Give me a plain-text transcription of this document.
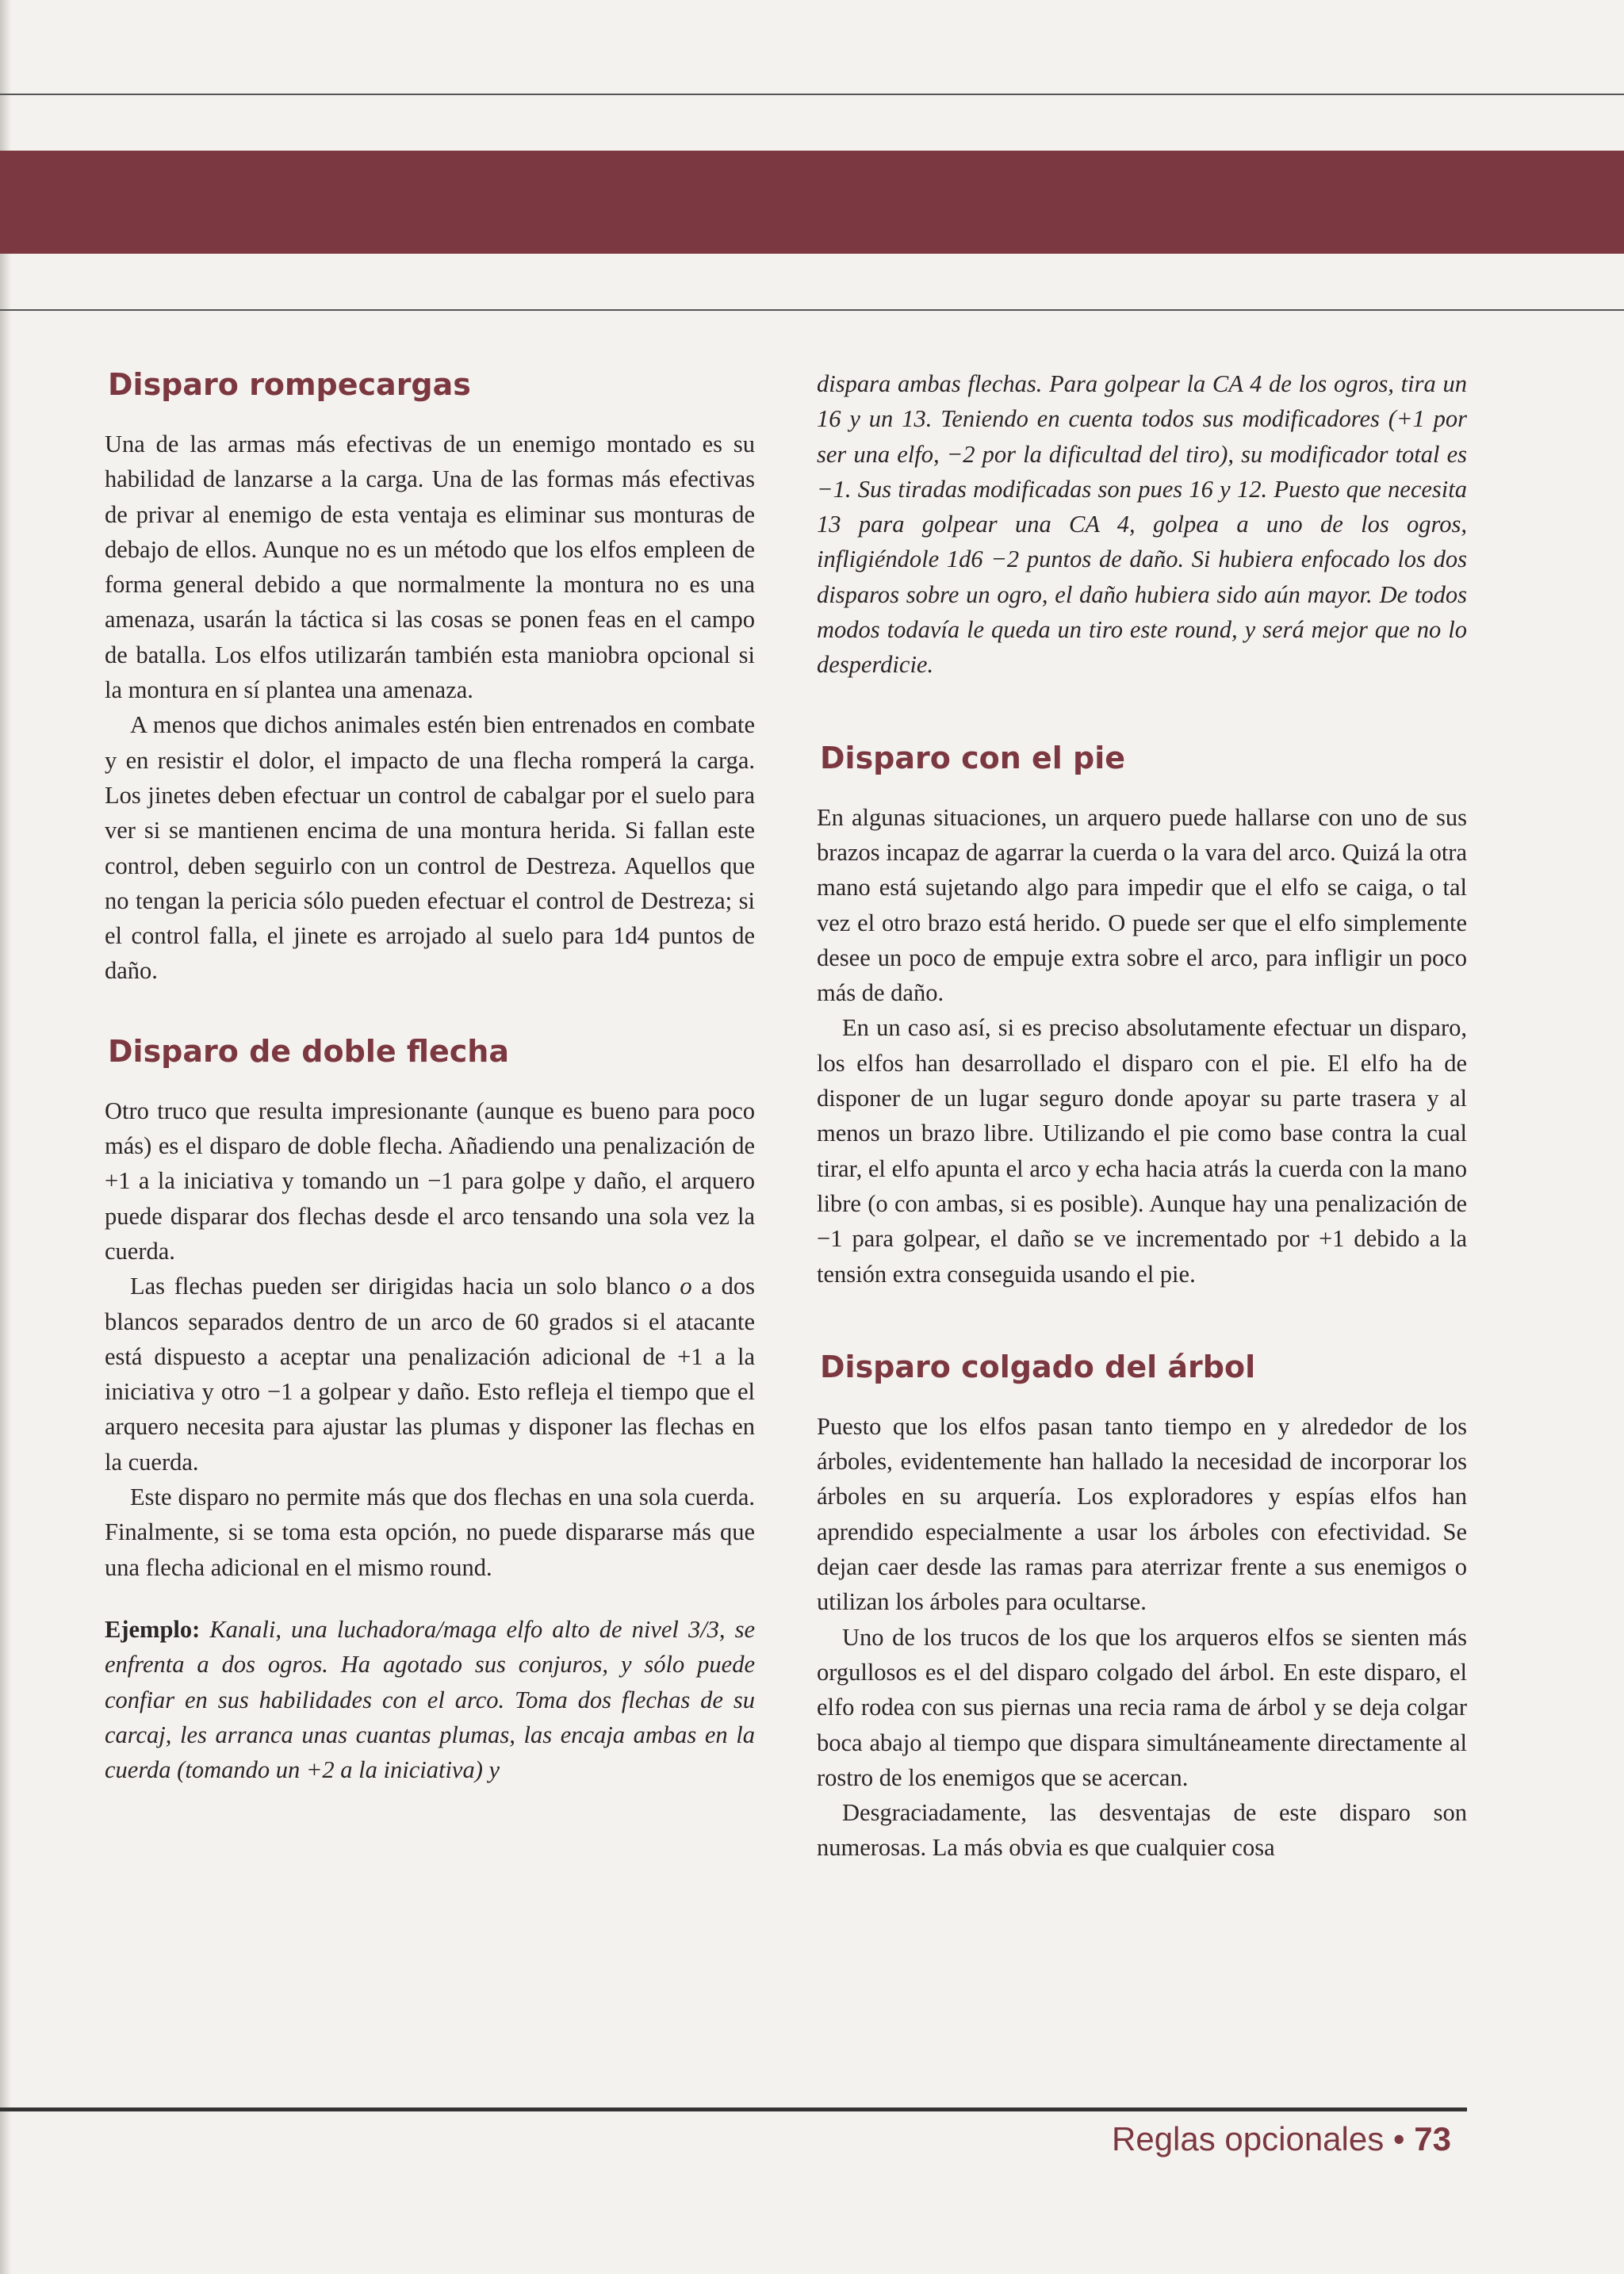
Disparo rompecargas

Una de las armas más efectivas de un enemigo montado es su habilidad de lanzarse a la carga. Una de las formas más efectivas de privar al enemigo de esta ventaja es eliminar sus monturas de debajo de ellos. Aunque no es un método que los elfos empleen de forma general debido a que normalmente la montura no es una amenaza, usarán la táctica si las cosas se ponen feas en el campo de batalla. Los elfos utilizarán también esta maniobra opcional si la montura en sí plantea una amenaza.

A menos que dichos animales estén bien entrenados en combate y en resistir el dolor, el impacto de una flecha romperá la carga. Los jinetes deben efectuar un control de cabalgar por el suelo para ver si se mantienen encima de una montura herida. Si fallan este control, deben seguirlo con un control de Destreza. Aquellos que no tengan la pericia sólo pueden efectuar el control de Destreza; si el control falla, el jinete es arrojado al suelo para 1d4 puntos de daño.

Disparo de doble flecha

Otro truco que resulta impresionante (aunque es bueno para poco más) es el disparo de doble flecha. Añadiendo una penalización de +1 a la iniciativa y tomando un −1 para golpe y daño, el arquero puede disparar dos flechas desde el arco tensando una sola vez la cuerda.

Las flechas pueden ser dirigidas hacia un solo blanco o a dos blancos separados dentro de un arco de 60 grados si el atacante está dispuesto a aceptar una penalización adicional de +1 a la iniciativa y otro −1 a golpear y daño. Esto refleja el tiempo que el arquero necesita para ajustar las plumas y disponer las flechas en la cuerda.

Este disparo no permite más que dos flechas en una sola cuerda. Finalmente, si se toma esta opción, no puede dispararse más que una flecha adicional en el mismo round.

Ejemplo: Kanali, una luchadora/maga elfo alto de nivel 3/3, se enfrenta a dos ogros. Ha agotado sus conjuros, y sólo puede confiar en sus habilidades con el arco. Toma dos flechas de su carcaj, les arranca unas cuantas plumas, las encaja ambas en la cuerda (tomando un +2 a la iniciativa) y

dispara ambas flechas. Para golpear la CA 4 de los ogros, tira un 16 y un 13. Teniendo en cuenta todos sus modificadores (+1 por ser una elfo, −2 por la dificultad del tiro), su modificador total es −1. Sus tiradas modificadas son pues 16 y 12. Puesto que necesita 13 para golpear una CA 4, golpea a uno de los ogros, infligiéndole 1d6 −2 puntos de daño. Si hubiera enfocado los dos disparos sobre un ogro, el daño hubiera sido aún mayor. De todos modos todavía le queda un tiro este round, y será mejor que no lo desperdicie.

Disparo con el pie

En algunas situaciones, un arquero puede hallarse con uno de sus brazos incapaz de agarrar la cuerda o la vara del arco. Quizá la otra mano está sujetando algo para impedir que el elfo se caiga, o tal vez el otro brazo está herido. O puede ser que el elfo simplemente desee un poco de empuje extra sobre el arco, para infligir un poco más de daño.

En un caso así, si es preciso absolutamente efectuar un disparo, los elfos han desarrollado el disparo con el pie. El elfo ha de disponer de un lugar seguro donde apoyar su parte trasera y al menos un brazo libre. Utilizando el pie como base contra la cual tirar, el elfo apunta el arco y echa hacia atrás la cuerda con la mano libre (o con ambas, si es posible). Aunque hay una penalización de −1 para golpear, el daño se ve incrementado por +1 debido a la tensión extra conseguida usando el pie.

Disparo colgado del árbol

Puesto que los elfos pasan tanto tiempo en y alrededor de los árboles, evidentemente han hallado la necesidad de incorporar los árboles en su arquería. Los exploradores y espías elfos han aprendido especialmente a usar los árboles con efectividad. Se dejan caer desde las ramas para aterrizar frente a sus enemigos o utilizan los árboles para ocultarse.

Uno de los trucos de los que los arqueros elfos se sienten más orgullosos es el del disparo colgado del árbol. En este disparo, el elfo rodea con sus piernas una recia rama de árbol y se deja colgar boca abajo al tiempo que dispara simultáneamente directamente al rostro de los enemigos que se acercan.

Desgraciadamente, las desventajas de este disparo son numerosas. La más obvia es que cualquier cosa

Reglas opcionales • 73
